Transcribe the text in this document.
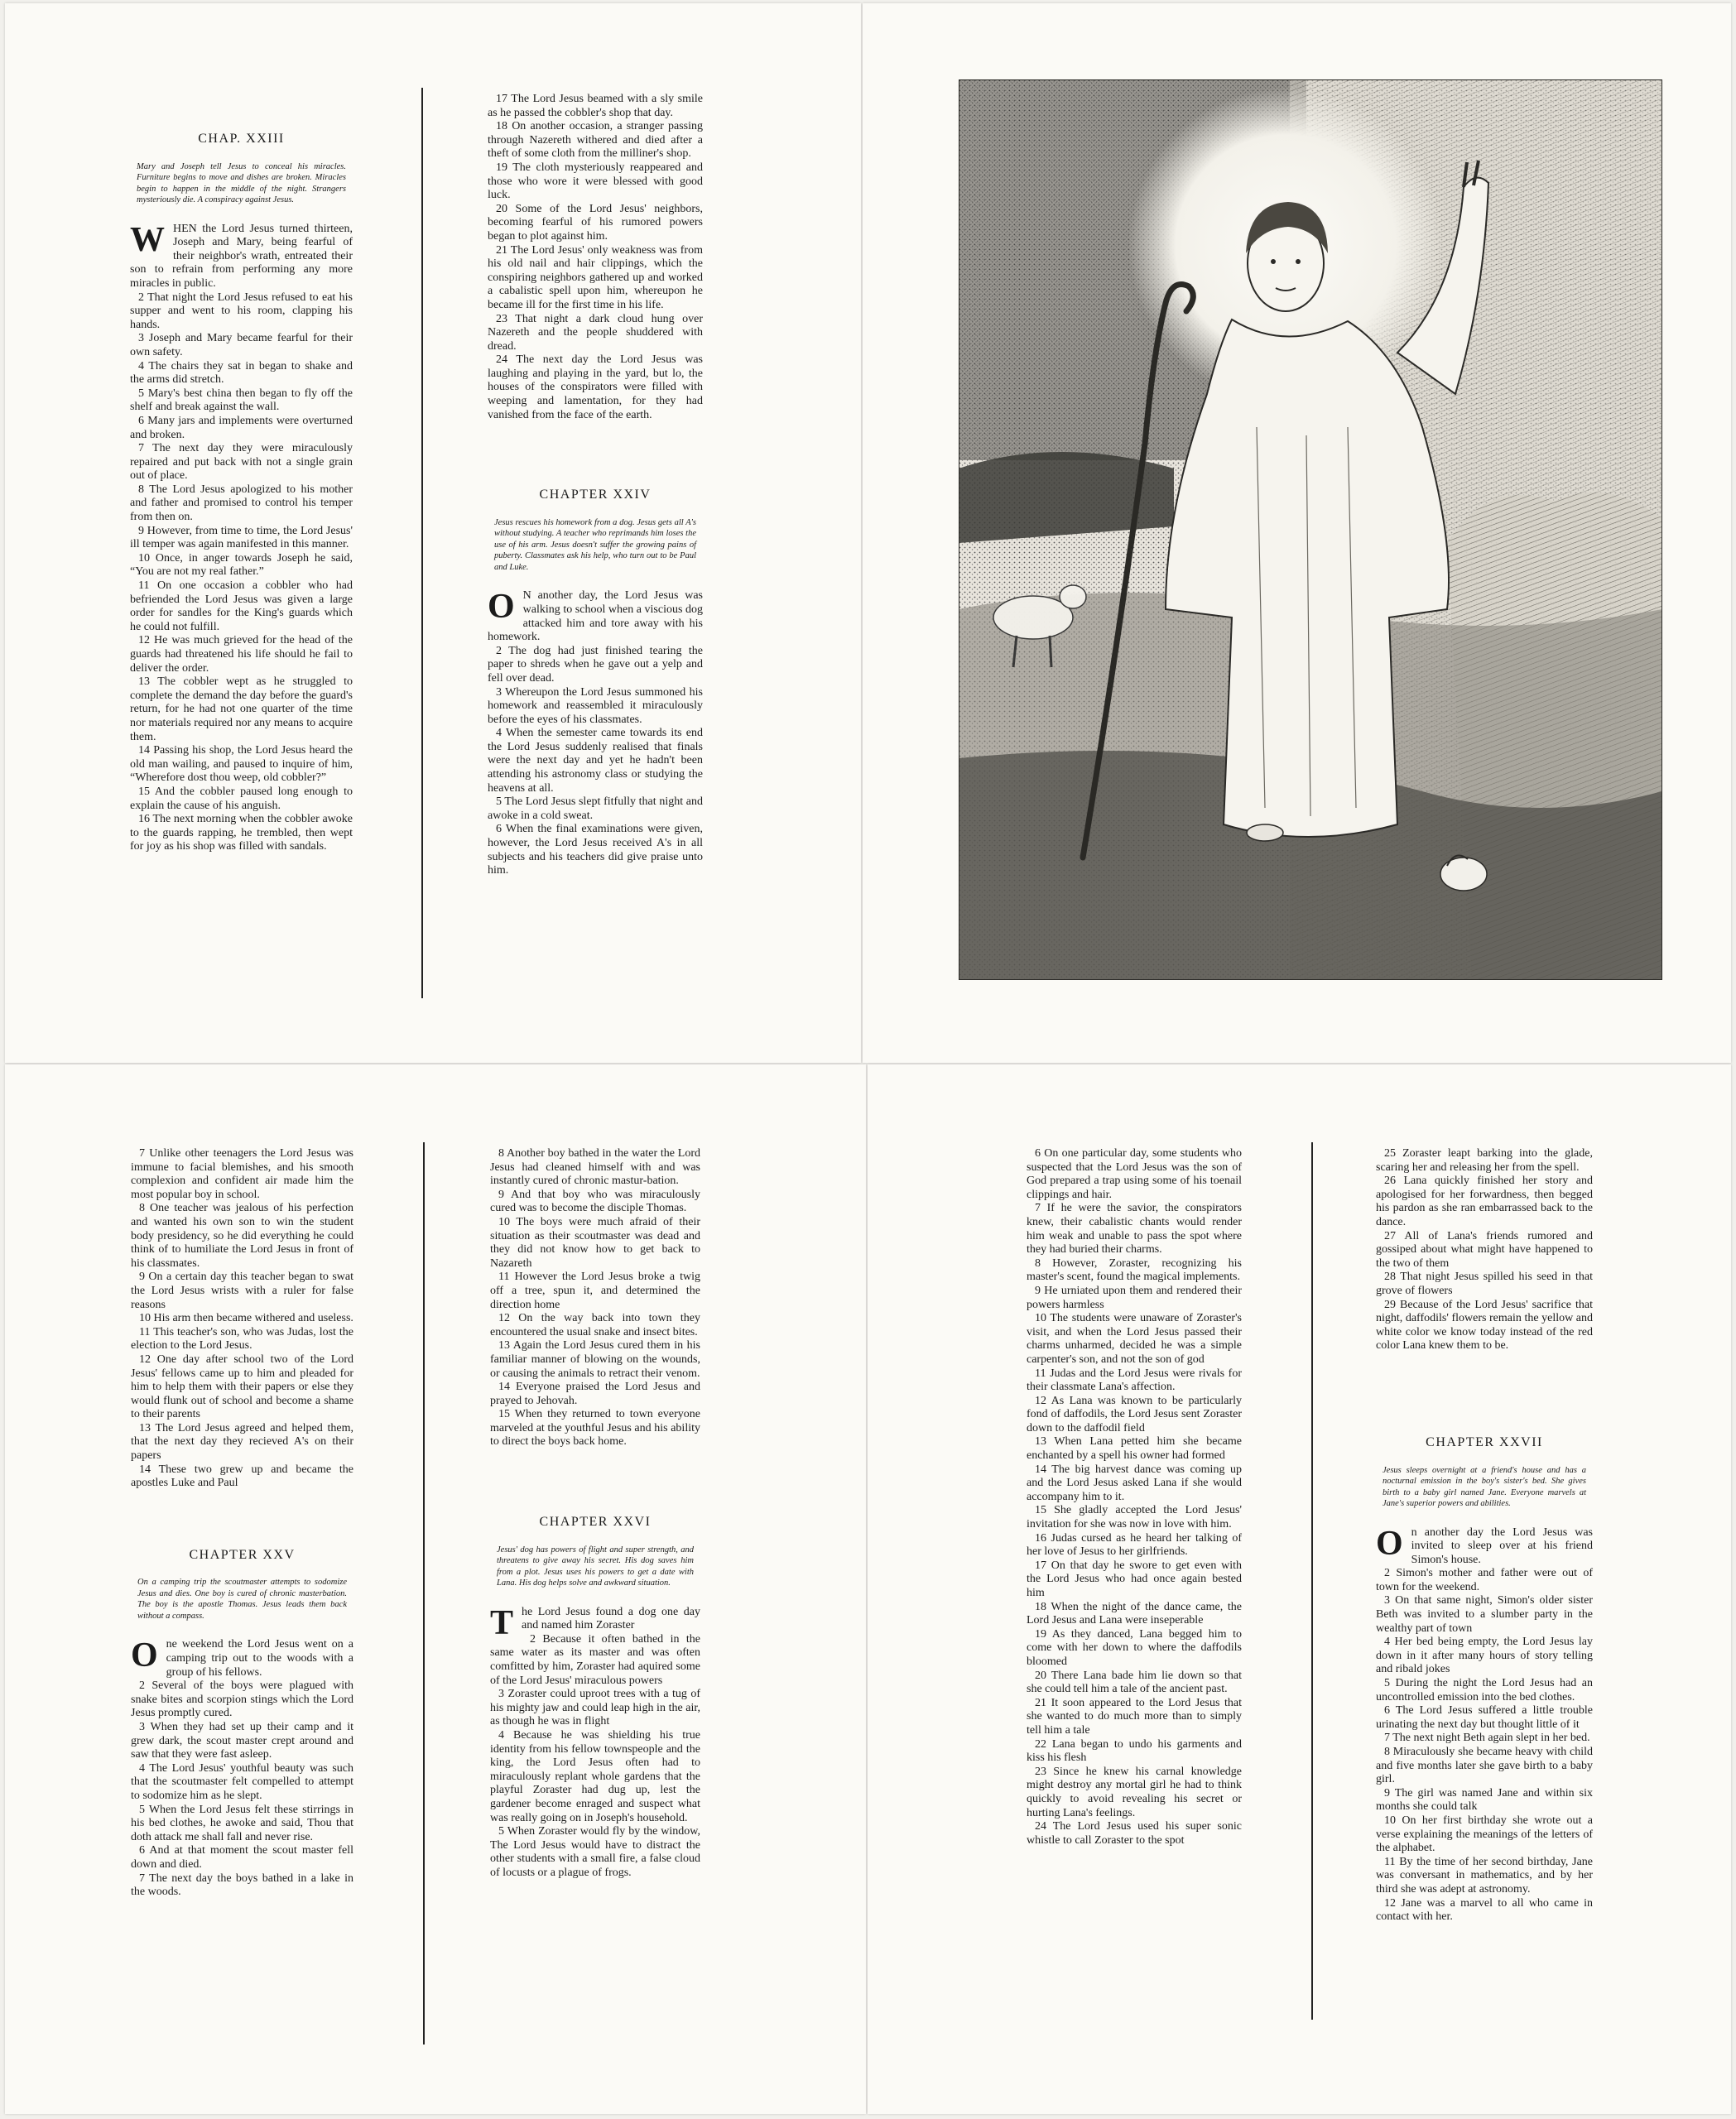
CHAP. XXIII
Mary and Joseph tell Jesus to conceal his miracles. Furniture begins to move and dishes are broken. Miracles begin to happen in the middle of the night. Strangers mysteriously die. A conspiracy against Jesus.
W HEN the Lord Jesus turned thirteen, Joseph and Mary, being fearful of their neighbor's wrath, entreated their son to refrain from performing any more miracles in public.

2 That night the Lord Jesus refused to eat his supper and went to his room, clapping his hands.

3 Joseph and Mary became fearful for their own safety.

4 The chairs they sat in began to shake and the arms did stretch.

5 Mary's best china then began to fly off the shelf and break against the wall.

6 Many jars and implements were overturned and broken.

7 The next day they were miraculously repaired and put back with not a single grain out of place.

8 The Lord Jesus apologized to his mother and father and promised to control his temper from then on.

9 However, from time to time, the Lord Jesus' ill temper was again manifested in this manner.

10 Once, in anger towards Joseph he said, “You are not my real father.”

11 On one occasion a cobbler who had befriended the Lord Jesus was given a large order for sandles for the King's guards which he could not fulfill.

12 He was much grieved for the head of the guards had threatened his life should he fail to deliver the order.

13 The cobbler wept as he struggled to complete the demand the day before the guard's return, for he had not one quarter of the time nor materials required nor any means to acquire them.

14 Passing his shop, the Lord Jesus heard the old man wailing, and paused to inquire of him, “Wherefore dost thou weep, old cobbler?”

15 And the cobbler paused long enough to explain the cause of his anguish.

16 The next morning when the cobbler awoke to the guards rapping, he trembled, then wept for joy as his shop was filled with sandals.

17 The Lord Jesus beamed with a sly smile as he passed the cobbler's shop that day.

18 On another occasion, a stranger passing through Nazereth withered and died after a theft of some cloth from the milliner's shop.

19 The cloth mysteriously reappeared and those who wore it were blessed with good luck.

20 Some of the Lord Jesus' neighbors, becoming fearful of his rumored powers began to plot against him.

21 The Lord Jesus' only weakness was from his old nail and hair clippings, which the conspiring neighbors gathered up and worked a cabalistic spell upon him, whereupon he became ill for the first time in his life.

23 That night a dark cloud hung over Nazereth and the people shuddered with dread.

24 The next day the Lord Jesus was laughing and playing in the yard, but lo, the houses of the conspirators were filled with weeping and lamentation, for they had vanished from the face of the earth.

CHAPTER XXIV
Jesus rescues his homework from a dog. Jesus gets all A's without studying. A teacher who reprimands him loses the use of his arm. Jesus doesn't suffer the growing pains of puberty. Classmates ask his help, who turn out to be Paul and Luke.
O N another day, the Lord Jesus was walking to school when a viscious dog attacked him and tore away with his homework.

2 The dog had just finished tearing the paper to shreds when he gave out a yelp and fell over dead.

3 Whereupon the Lord Jesus summoned his homework and reassembled it miraculously before the eyes of his classmates.

4 When the semester came towards its end the Lord Jesus suddenly realised that finals were the next day and yet he hadn't been attending his astronomy class or studying the heavens at all.

5 The Lord Jesus slept fitfully that night and awoke in a cold sweat.

6 When the final examinations were given, however, the Lord Jesus received A's in all subjects and his teachers did give praise unto him.

7 Unlike other teenagers the Lord Jesus was immune to facial blemishes, and his smooth complexion and confident air made him the most popular boy in school.

8 One teacher was jealous of his perfection and wanted his own son to win the student body presidency, so he did everything he could think of to humiliate the Lord Jesus in front of his classmates.

9 On a certain day this teacher began to swat the Lord Jesus wrists with a ruler for false reasons

10 His arm then became withered and useless.

11 This teacher's son, who was Judas, lost the election to the Lord Jesus.

12 One day after school two of the Lord Jesus' fellows came up to him and pleaded for him to help them with their papers or else they would flunk out of school and become a shame to their parents

13 The Lord Jesus agreed and helped them, that the next day they recieved A's on their papers

14 These two grew up and became the apostles Luke and Paul

CHAPTER XXV
On a camping trip the scoutmaster attempts to sodomize Jesus and dies. One boy is cured of chronic masterbation. The boy is the apostle Thomas. Jesus leads them back without a compass.
O ne weekend the Lord Jesus went on a camping trip out to the woods with a group of his fellows.

2 Several of the boys were plagued with snake bites and scorpion stings which the Lord Jesus promptly cured.

3 When they had set up their camp and it grew dark, the scout master crept around and saw that they were fast asleep.

4 The Lord Jesus' youthful beauty was such that the scoutmaster felt compelled to attempt to sodomize him as he slept.

5 When the Lord Jesus felt these stirrings in his bed clothes, he awoke and said, Thou that doth attack me shall fall and never rise.

6 And at that moment the scout master fell down and died.

7 The next day the boys bathed in a lake in the woods.

8 Another boy bathed in the water the Lord Jesus had cleaned himself with and was instantly cured of chronic mastur-bation.

9 And that boy who was miraculously cured was to become the disciple Thomas.

10 The boys were much afraid of their situation as their scoutmaster was dead and they did not know how to get back to Nazareth

11 However the Lord Jesus broke a twig off a tree, spun it, and determined the direction home

12 On the way back into town they encountered the usual snake and insect bites.

13 Again the Lord Jesus cured them in his familiar manner of blowing on the wounds, or causing the animals to retract their venom.

14 Everyone praised the Lord Jesus and prayed to Jehovah.

15 When they returned to town everyone marveled at the youthful Jesus and his ability to direct the boys back home.

CHAPTER XXVI
Jesus' dog has powers of flight and super strength, and threatens to give away his secret. His dog saves him from a plot. Jesus uses his powers to get a date with Lana. His dog helps solve and awkward situation.
T he Lord Jesus found a dog one day and named him Zoraster

2 Because it often bathed in the same water as its master and was often comfitted by him, Zoraster had aquired some of the Lord Jesus' miraculous powers

3 Zoraster could uproot trees with a tug of his mighty jaw and could leap high in the air, as though he was in flight

4 Because he was shielding his true identity from his fellow townspeople and the king, the Lord Jesus often had to miraculously replant whole gardens that the playful Zoraster had dug up, lest the gardener become enraged and suspect what was really going on in Joseph's household.

5 When Zoraster would fly by the window, The Lord Jesus would have to distract the other students with a small fire, a false cloud of locusts or a plague of frogs.

6 On one particular day, some students who suspected that the Lord Jesus was the son of God prepared a trap using some of his toenail clippings and hair.

7 If he were the savior, the conspirators knew, their cabalistic chants would render him weak and unable to pass the spot where they had buried their charms.

8 However, Zoraster, recognizing his master's scent, found the magical implements.

9 He urniated upon them and rendered their powers harmless

10 The students were unaware of Zoraster's visit, and when the Lord Jesus passed their charms unharmed, decided he was a simple carpenter's son, and not the son of god

11 Judas and the Lord Jesus were rivals for their classmate Lana's affection.

12 As Lana was known to be particularly fond of daffodils, the Lord Jesus sent Zoraster down to the daffodil field

13 When Lana petted him she became enchanted by a spell his owner had formed

14 The big harvest dance was coming up and the Lord Jesus asked Lana if she would accompany him to it.

15 She gladly accepted the Lord Jesus' invitation for she was now in love with him.

16 Judas cursed as he heard her talking of her love of Jesus to her girlfriends.

17 On that day he swore to get even with the Lord Jesus who had once again bested him

18 When the night of the dance came, the Lord Jesus and Lana were inseperable

19 As they danced, Lana begged him to come with her down to where the daffodils bloomed

20 There Lana bade him lie down so that she could tell him a tale of the ancient past.

21 It soon appeared to the Lord Jesus that she wanted to do much more than to simply tell him a tale

22 Lana began to undo his garments and kiss his flesh

23 Since he knew his carnal knowledge might destroy any mortal girl he had to think quickly to avoid revealing his secret or hurting Lana's feelings.

24 The Lord Jesus used his super sonic whistle to call Zoraster to the spot

25 Zoraster leapt barking into the glade, scaring her and releasing her from the spell.

26 Lana quickly finished her story and apologised for her forwardness, then begged his pardon as she ran embarrassed back to the dance.

27 All of Lana's friends rumored and gossiped about what might have happened to the two of them

28 That night Jesus spilled his seed in that grove of flowers

29 Because of the Lord Jesus' sacrifice that night, daffodils' flowers remain the yellow and white color we know today instead of the red color Lana knew them to be.

CHAPTER XXVII
Jesus sleeps overnight at a friend's house and has a nocturnal emission in the boy's sister's bed. She gives birth to a baby girl named Jane. Everyone marvels at Jane's superior powers and abilities.
O n another day the Lord Jesus was invited to sleep over at his friend Simon's house.

2 Simon's mother and father were out of town for the weekend.

3 On that same night, Simon's older sister Beth was invited to a slumber party in the wealthy part of town

4 Her bed being empty, the Lord Jesus lay down in it after many hours of story telling and ribald jokes

5 During the night the Lord Jesus had an uncontrolled emission into the bed clothes.

6 The Lord Jesus suffered a little trouble urinating the next day but thought little of it

7 The next night Beth again slept in her bed.

8 Miraculously she became heavy with child and five months later she gave birth to a baby girl.

9 The girl was named Jane and within six months she could talk

10 On her first birthday she wrote out a verse explaining the meanings of the letters of the alphabet.

11 By the time of her second birthday, Jane was conversant in mathematics, and by her third she was adept at astronomy.

12 Jane was a marvel to all who came in contact with her.
